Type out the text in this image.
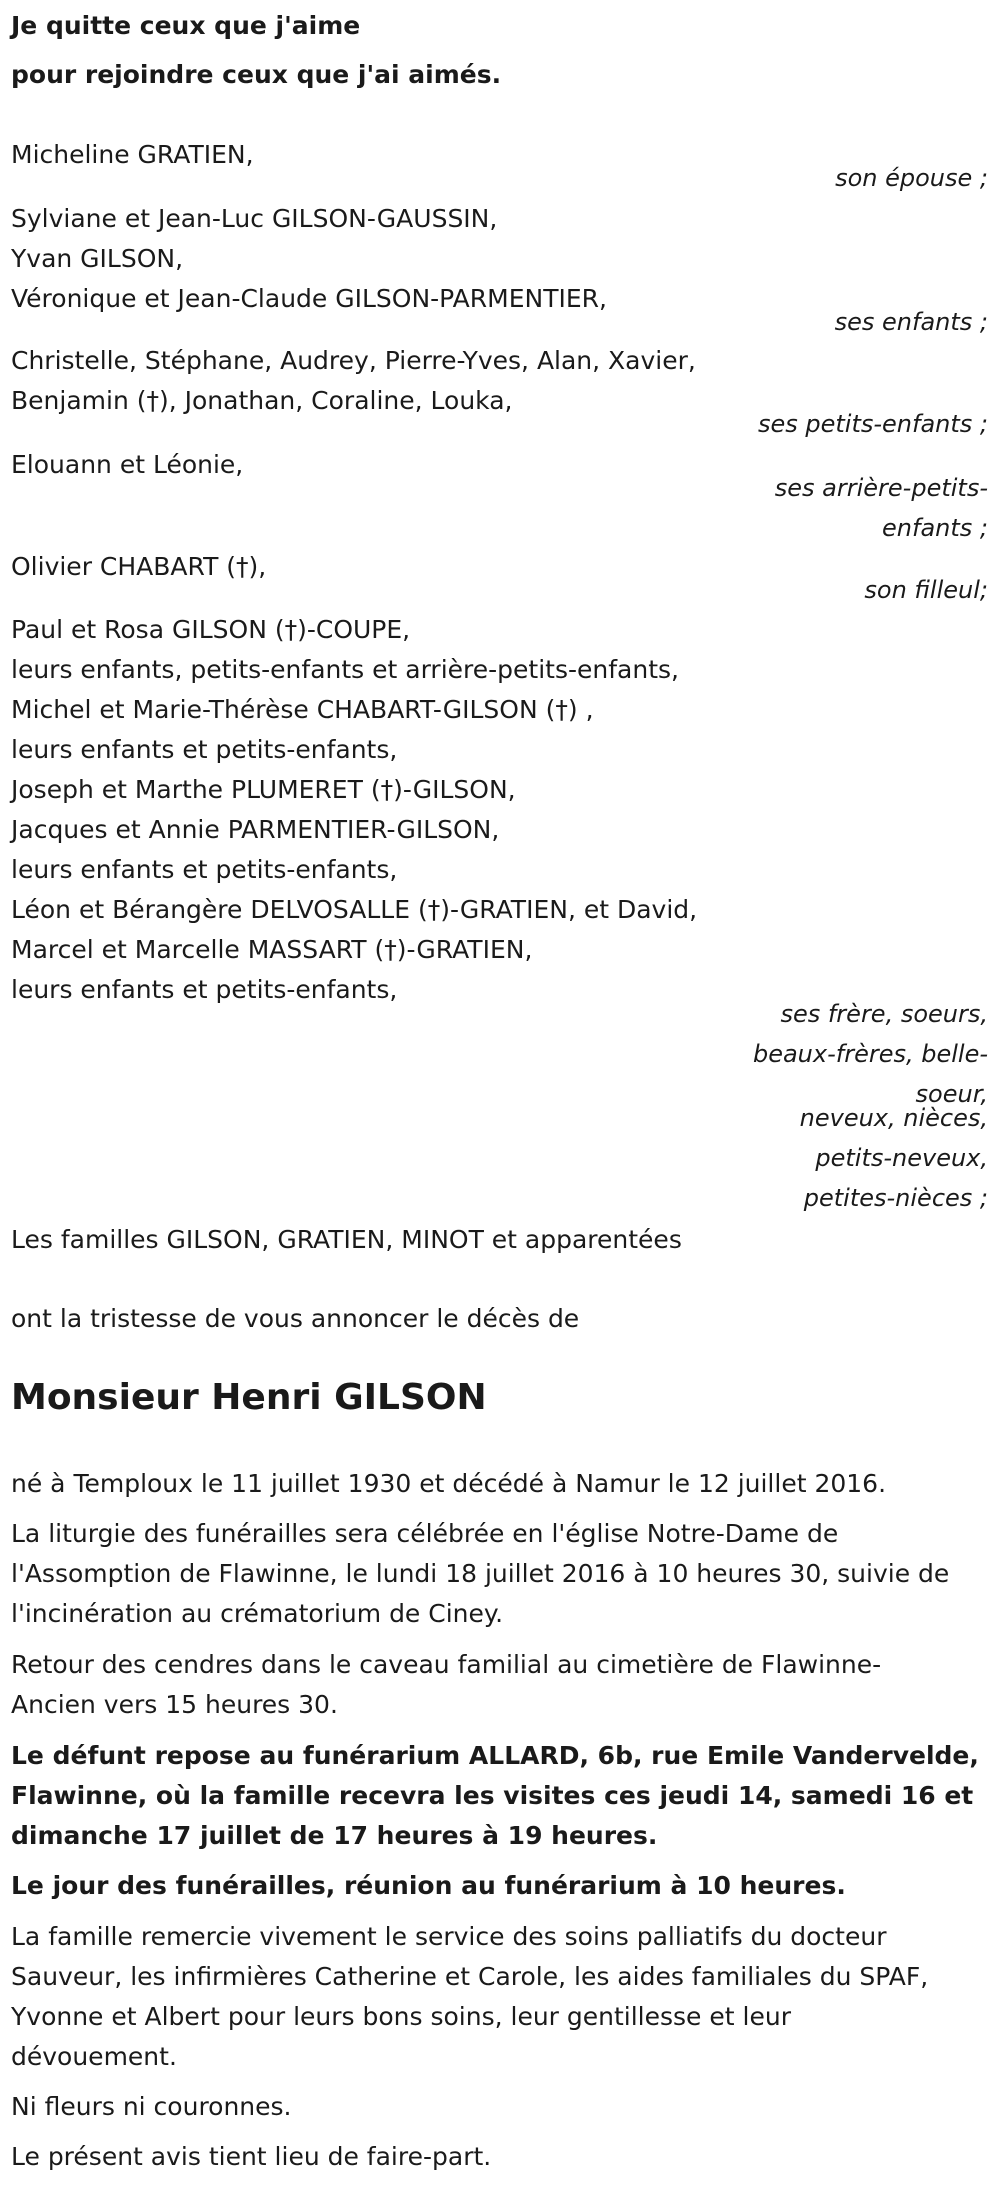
Je quitte ceux que j'aime

pour rejoindre ceux que j'ai aimés.

Micheline GRATIEN,

son épouse ;

Sylviane et Jean-Luc GILSON-GAUSSIN,

Yvan GILSON,

Véronique et Jean-Claude GILSON-PARMENTIER,

ses enfants ;

Christelle, Stéphane, Audrey, Pierre-Yves, Alan, Xavier,

Benjamin (†), Jonathan, Coraline, Louka,

ses petits-enfants ;

Elouann et Léonie,

ses arrière-petits-

enfants ;

Olivier CHABART (†),

son filleul;

Paul et Rosa GILSON (†)-COUPE,

leurs enfants, petits-enfants et arrière-petits-enfants,

Michel et Marie-Thérèse CHABART-GILSON (†) ,

leurs enfants et petits-enfants,

Joseph et Marthe PLUMERET (†)-GILSON,

Jacques et Annie PARMENTIER-GILSON,

leurs enfants et petits-enfants,

Léon et Bérangère DELVOSALLE (†)-GRATIEN, et David,

Marcel et Marcelle MASSART (†)-GRATIEN,

leurs enfants et petits-enfants,

ses frère, soeurs,

beaux-frères, belle-

soeur,

neveux, nièces,

petits-neveux,

petites-nièces ;

Les familles GILSON, GRATIEN, MINOT et apparentées

ont la tristesse de vous annoncer le décès de

Monsieur Henri GILSON

né à Temploux le 11 juillet 1930 et décédé à Namur le 12 juillet 2016.

La liturgie des funérailles sera célébrée en l'église Notre-Dame de

l'Assomption de Flawinne, le lundi 18 juillet 2016 à 10 heures 30, suivie de

l'incinération au crématorium de Ciney.

Retour des cendres dans le caveau familial au cimetière de Flawinne-

Ancien vers 15 heures 30.

Le défunt repose au funérarium ALLARD, 6b, rue Emile Vandervelde,

Flawinne, où la famille recevra les visites ces jeudi 14, samedi 16 et

dimanche 17 juillet de 17 heures à 19 heures.

Le jour des funérailles, réunion au funérarium à 10 heures.

La famille remercie vivement le service des soins palliatifs du docteur

Sauveur, les infirmières Catherine et Carole, les aides familiales du SPAF,

Yvonne et Albert pour leurs bons soins, leur gentillesse et leur

dévouement.

Ni fleurs ni couronnes.

Le présent avis tient lieu de faire-part.
